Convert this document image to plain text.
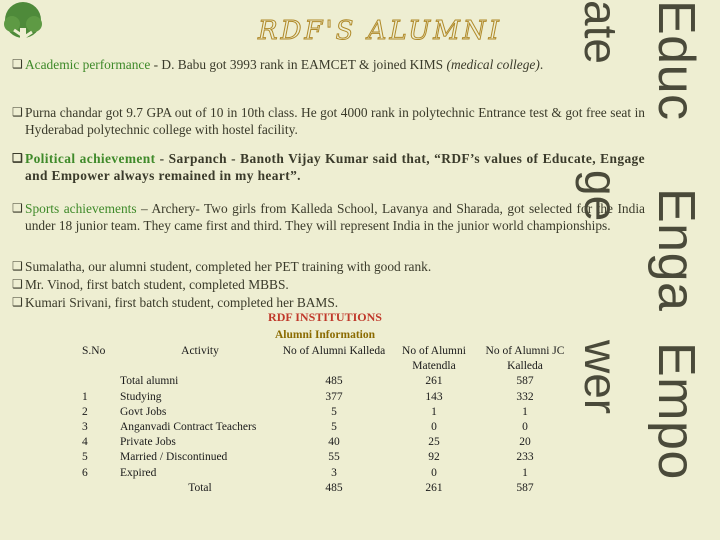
RDF'S ALUMNI
❑ Academic performance - D. Babu got 3993 rank in EAMCET & joined KIMS (medical college).
❑ Purna chandar got 9.7 GPA out of 10 in 10th class. He got 4000 rank in polytechnic Entrance test & got free seat in Hyderabad polytechnic college with hostel facility.
❑ Political achievement - Sarpanch - Banoth Vijay Kumar said that, “RDF’s values of Educate, Engage and Empower always remained in my heart”.
❑ Sports achievements – Archery- Two girls from Kalleda School, Lavanya and Sharada, got selected for the India under 18 junior team. They came first and third. They will represent India in the junior world championships.
❑ Sumalatha, our alumni student, completed her PET training with good rank.
❑ Mr. Vinod, first batch student, completed MBBS.
❑ Kumari Srivani, first batch student, completed her BAMS.
RDF INSTITUTIONS
Alumni Information
S.No	Activity	No of Alumni Kalleda	No of Alumni Matendla	No of Alumni JC Kalleda
	Total alumni	485	261	587
1	Studying	377	143	332
2	Govt Jobs	5	1	1
3	Anganvadi Contract Teachers	5	0	0
4	Private Jobs	40	25	20
5	Married / Discontinued	55	92	233
6	Expired	3	0	1
	Total	485	261	587
Educ
Enga
Empo
ate
ge
wer
